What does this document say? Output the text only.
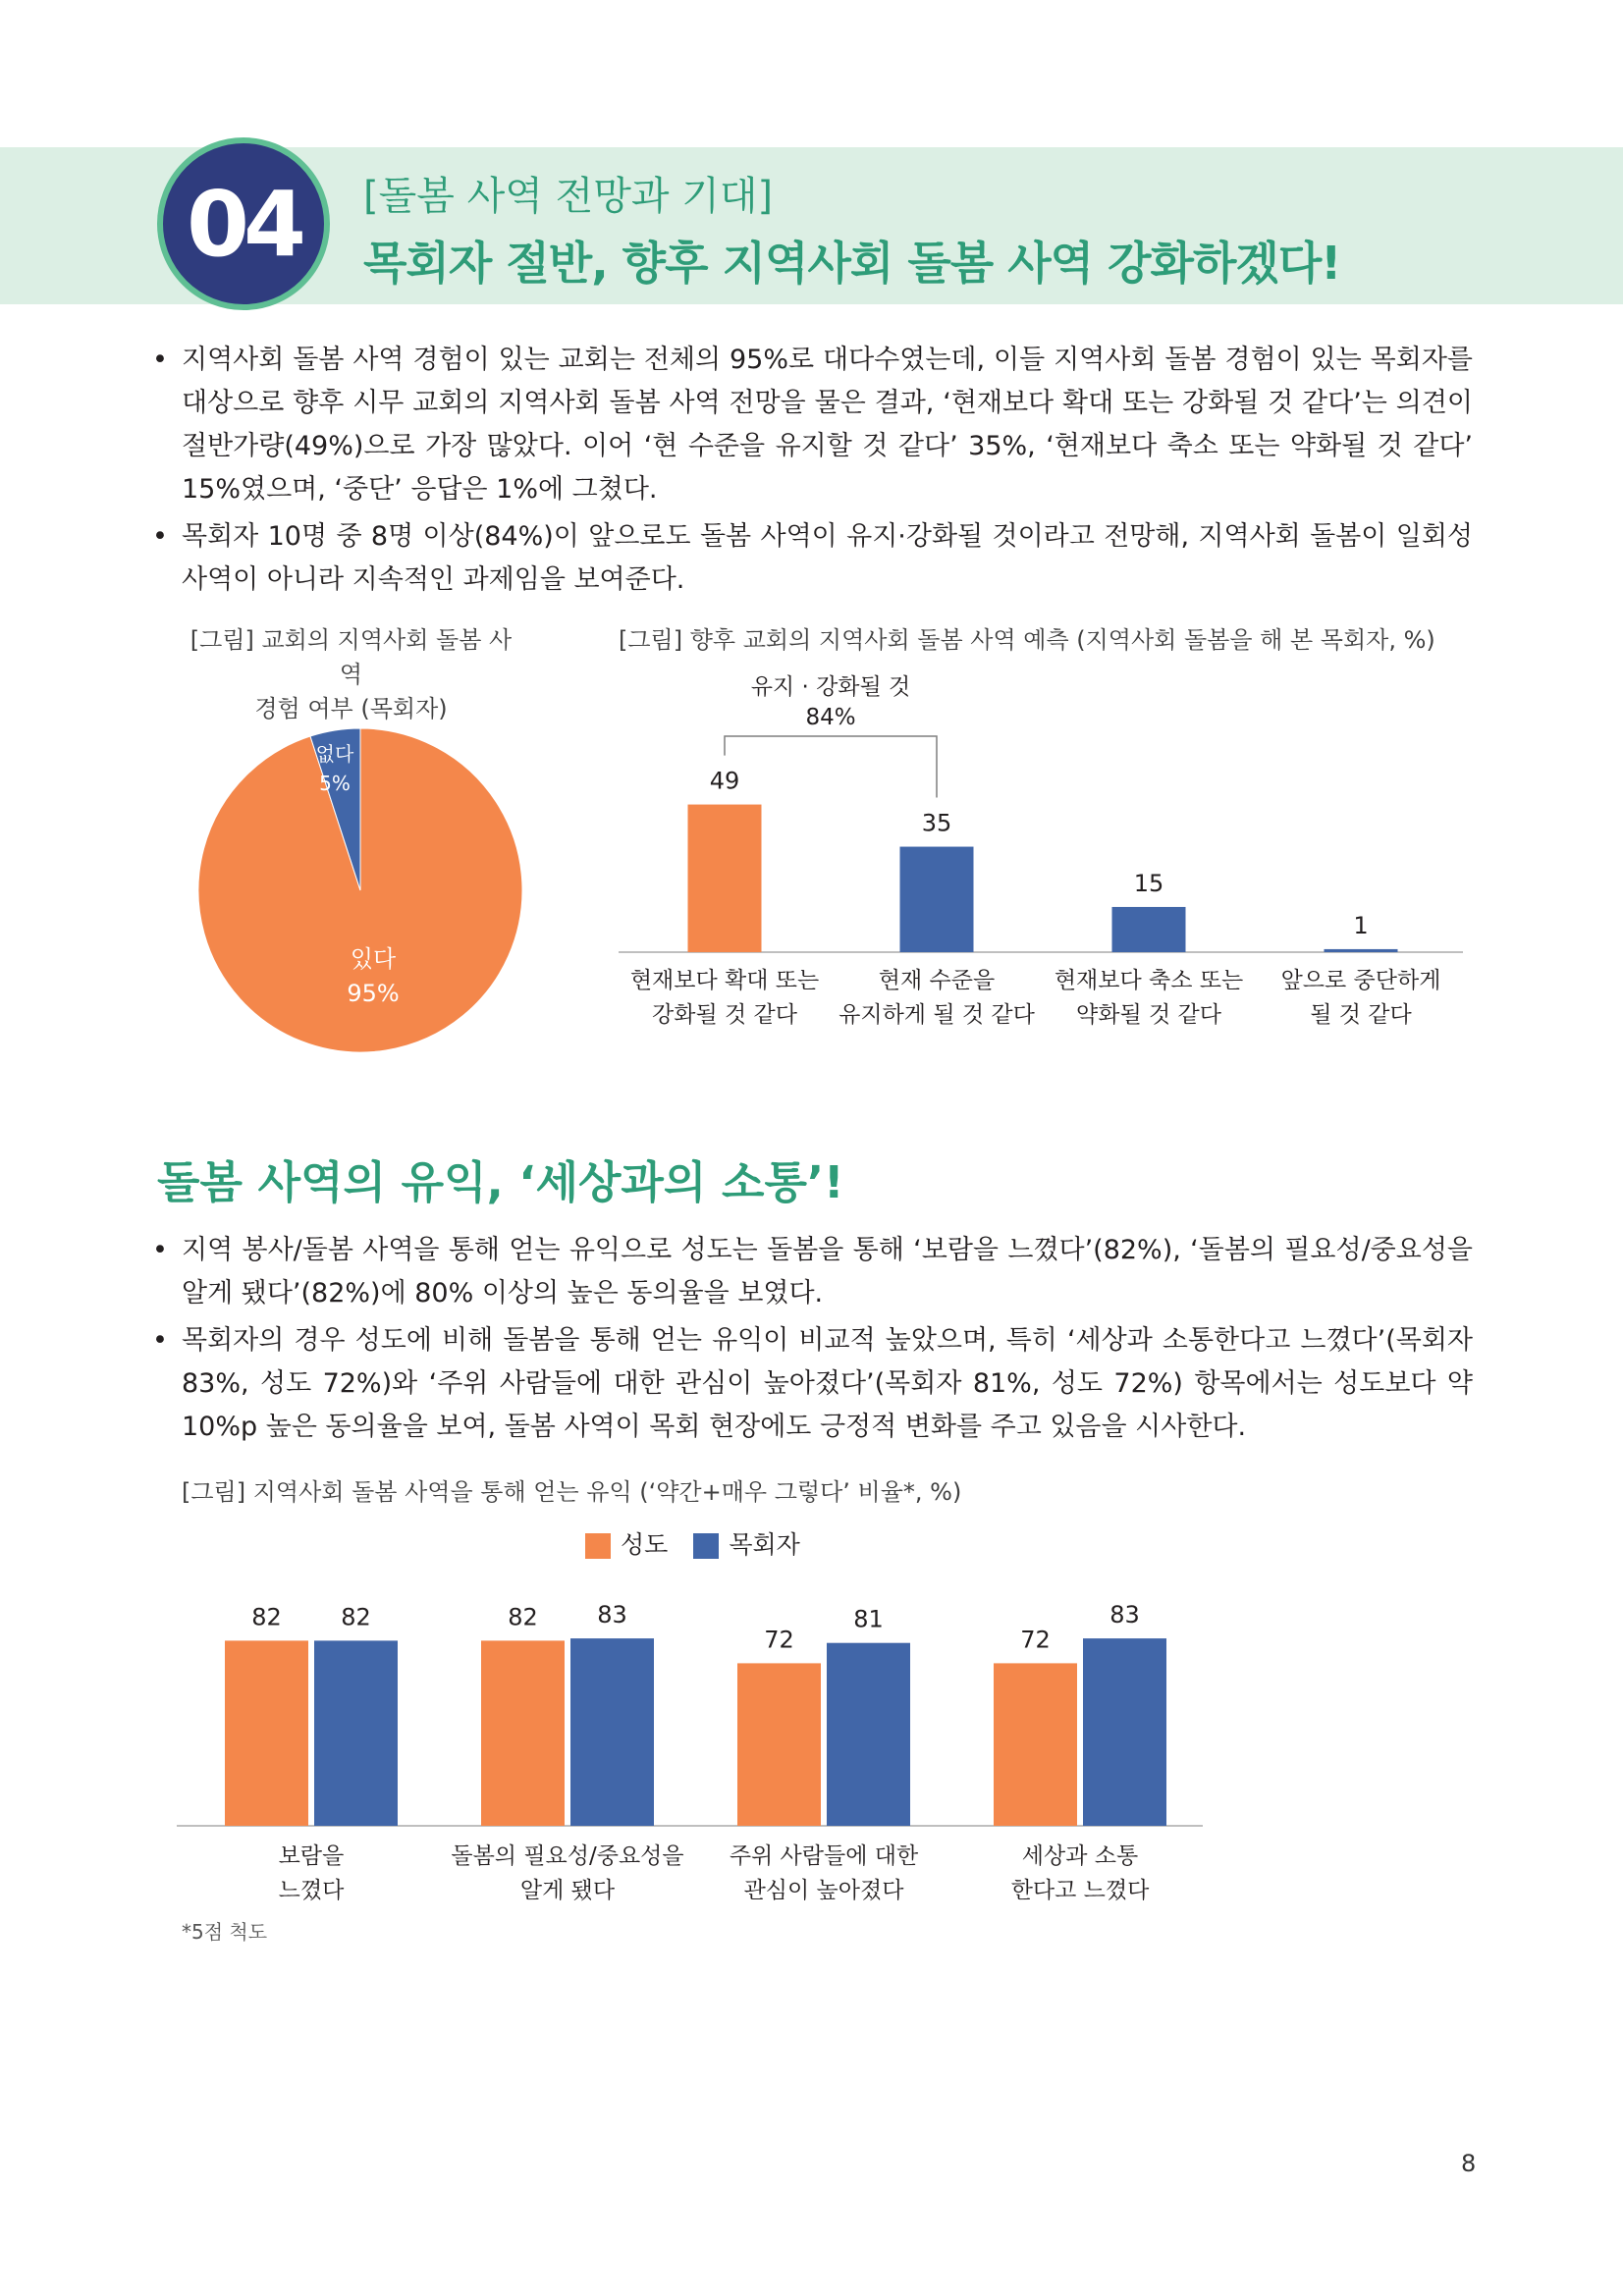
04	[돌봄 사역 전망과 기대]
목회자 절반, 향후 지역사회 돌봄 사역 강화하겠다!
• 지역사회 돌봄 사역 경험이 있는 교회는 전체의 95%로 대다수였는데, 이들 지역사회 돌봄 경험이 있는 목회자를 대상으로 향후 시무 교회의 지역사회 돌봄 사역 전망을 물은 결과, ‘현재보다 확대 또는 강화될 것 같다’는 의견이 절반가량(49%)으로 가장 많았다. 이어 ‘현 수준을 유지할 것 같다’ 35%, ‘현재보다 축소 또는 약화될 것 같다’ 15%였으며, ‘중단’ 응답은 1%에 그쳤다.
• 목회자 10명 중 8명 이상(84%)이 앞으로도 돌봄 사역이 유지·강화될 것이라고 전망해, 지역사회 돌봄이 일회성 사역이 아니라 지속적인 과제임을 보여준다.
[그림] 교회의 지역사회 돌봄 사역
경험 여부 (목회자)
있다
95%
없다
5%
[그림] 향후 교회의 지역사회 돌봄 사역 예측 (지역사회 돌봄을 해 본 목회자, %)
49
현재보다 확대 또는
강화될 것 같다
35
현재 수준을
유지하게 될 것 같다
15
현재보다 축소 또는
약화될 것 같다
1
앞으로 중단하게
될 것 같다
유지 · 강화될 것
84%
돌봄 사역의 유익, ‘세상과의 소통’!
• 지역 봉사/돌봄 사역을 통해 얻는 유익으로 성도는 돌봄을 통해 ‘보람을 느꼈다’(82%), ‘돌봄의 필요성/중요성을 알게 됐다’(82%)에 80% 이상의 높은 동의율을 보였다.
• 목회자의 경우 성도에 비해 돌봄을 통해 얻는 유익이 비교적 높았으며, 특히 ‘세상과 소통한다고 느꼈다’(목회자 83%, 성도 72%)와 ‘주위 사람들에 대한 관심이 높아졌다’(목회자 81%, 성도 72%) 항목에서는 성도보다 약 10%p 높은 동의율을 보여, 돌봄 사역이 목회 현장에도 긍정적 변화를 주고 있음을 시사한다.
[그림] 지역사회 돌봄 사역을 통해 얻는 유익 (‘약간+매우 그렇다’ 비율*, %)
성도	목회자
82	82
보람을
느꼈다
82	83
돌봄의 필요성/중요성을
알게 됐다
72
81
주위 사람들에 대한
관심이 높아졌다
72
83
세상과 소통
한다고 느꼈다
*5점 척도
8
